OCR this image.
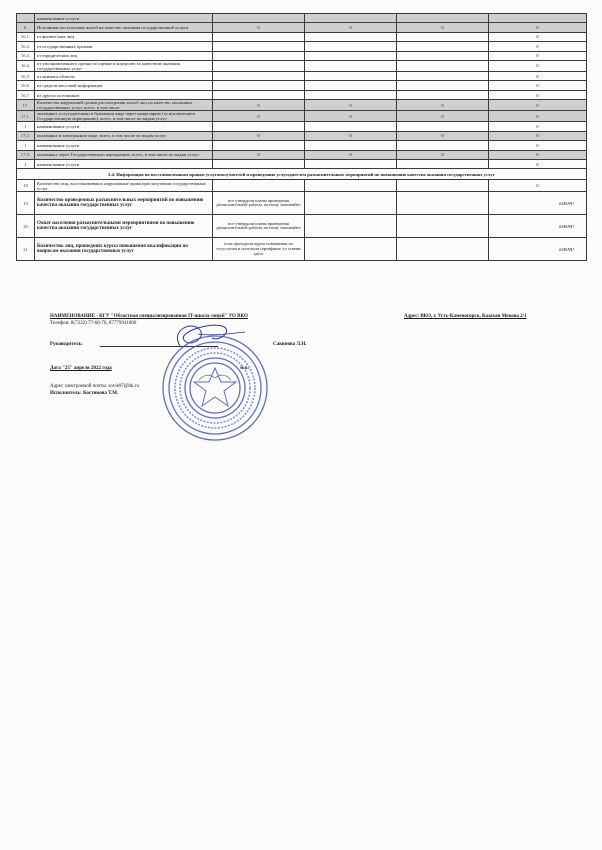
	наименование услуги				
6.	Источники поступления жалоб на качество оказания государственной услуги	0	0	0	0
16.1.	от физических лиц				0
16.2.	от государственных органов				0
16.3.	от юридических лиц				0
16.4.	от уполномоченного органа по оценке и контролю за качеством оказания государственных услуг				0
16.5.	от акимата области				0
16.6.	из средств массовой информации				0
16.7.	из других источников				0
17.	Количество нарушений сроков рассмотрения жалоб лиц на качество оказанных государственных услуг, всего, в том числе:	0	0	0	0
17.1.	оказанных услугодателями в бумажном виде через канцелярию (за исключением Государственную корпорацию), всего, в том числе по видам услуг:	0	0	0	0
1	наименование услуги				0
17.2.	оказанных в электронном виде, всего, в том числе по видам услуг:	0	0	0	0
1	наименование услуги				0
17.3.	оказанных через Государственную корпорацию, всего, в том числе по видам услуг:	0	0	0	0
1	наименование услуги				0
2.4. Информация по восстановленным правам услугополучателей и проведению услугодателем разъяснительных мероприятий по повышению качества оказания государственных услуг					
18	Количество лиц, восстановивших нарушенные права при получении государственных услуг				0
19	Количество проведенных разъяснительных мероприятий по повышению качества оказания государственных услуг	все утвердили планы проведения разъяснительной работы, поэтому заполняйте			#ЗНАЧ!
20	Охват населения разъяснительными мероприятиями по повышению качества оказания государственных услуг	все утвердили планы проведения разъяснительной работы, поэтому заполняйте			#ЗНАЧ!
21	Количество лиц, прошедших курсы повышения квалификации по вопросам оказания государственных услуг	если проходили курсы повышения по госуслугам и получили сертификат, то ставим здесь			#ЗНАЧ!
НАИМЕНОВАНИЕ - КГУ "Областная специализированная IT-школа-лицей" УО ВКО	Адрес: ВКО, г. Усть-Каменогорск, Казахан Мекова 2/1
Телефон: 8(7232) 77-60-76, 87779941800
Руководитель:	Савинова Л.Н.
Дата "25" апреля 2022 года	м.п.
Адрес электронной почты: sovie97@bk.ru
Исполнитель: Костикова Т.М.
